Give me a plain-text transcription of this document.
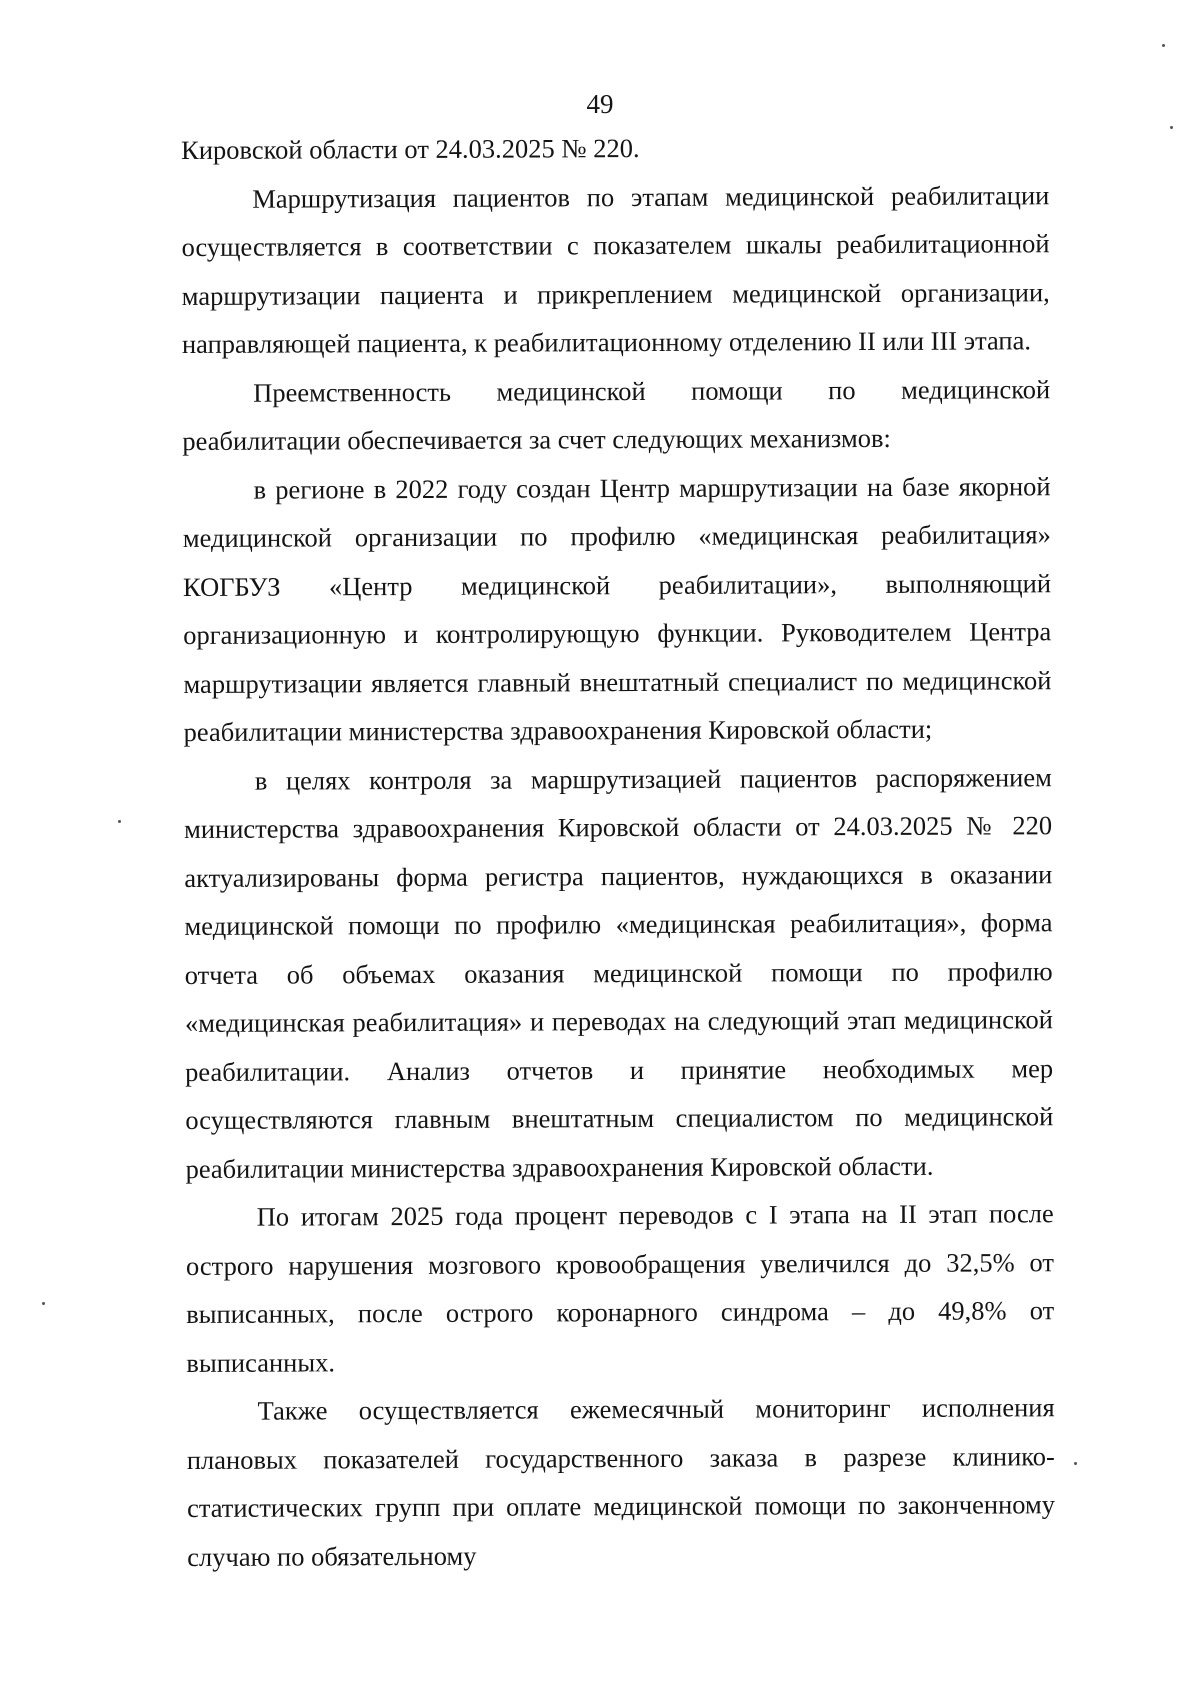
49

Кировской области от 24.03.2025 № 220.

Маршрутизация пациентов по этапам медицинской реабилитации осуществляется в соответствии с показателем шкалы реабилитационной маршрутизации пациента и прикреплением медицинской организации, направляющей пациента, к реабилитационному отделению II или III этапа.

Преемственность медицинской помощи по медицинской реабилитации обеспечивается за счет следующих механизмов:

в регионе в 2022 году создан Центр маршрутизации на базе якорной медицинской организации по профилю «медицинская реабилитация» КОГБУЗ «Центр медицинской реабилитации», выполняющий организационную и контролирующую функции. Руководителем Центра маршрутизации является главный внештатный специалист по медицинской реабилитации министерства здравоохранения Кировской области;

в целях контроля за маршрутизацией пациентов распоряжением министерства здравоохранения Кировской области от 24.03.2025 № 220 актуализированы форма регистра пациентов, нуждающихся в оказании медицинской помощи по профилю «медицинская реабилитация», форма отчета об объемах оказания медицинской помощи по профилю «медицинская реабилитация» и переводах на следующий этап медицинской реабилитации. Анализ отчетов и принятие необходимых мер осуществляются главным внештатным специалистом по медицинской реабилитации министерства здравоохранения Кировской области.

По итогам 2025 года процент переводов с I этапа на II этап после острого нарушения мозгового кровообращения увеличился до 32,5% от выписанных, после острого коронарного синдрома – до 49,8% от выписанных.

Также осуществляется ежемесячный мониторинг исполнения плановых показателей государственного заказа в разрезе клинико-статистических групп при оплате медицинской помощи по законченному случаю по обязательному
